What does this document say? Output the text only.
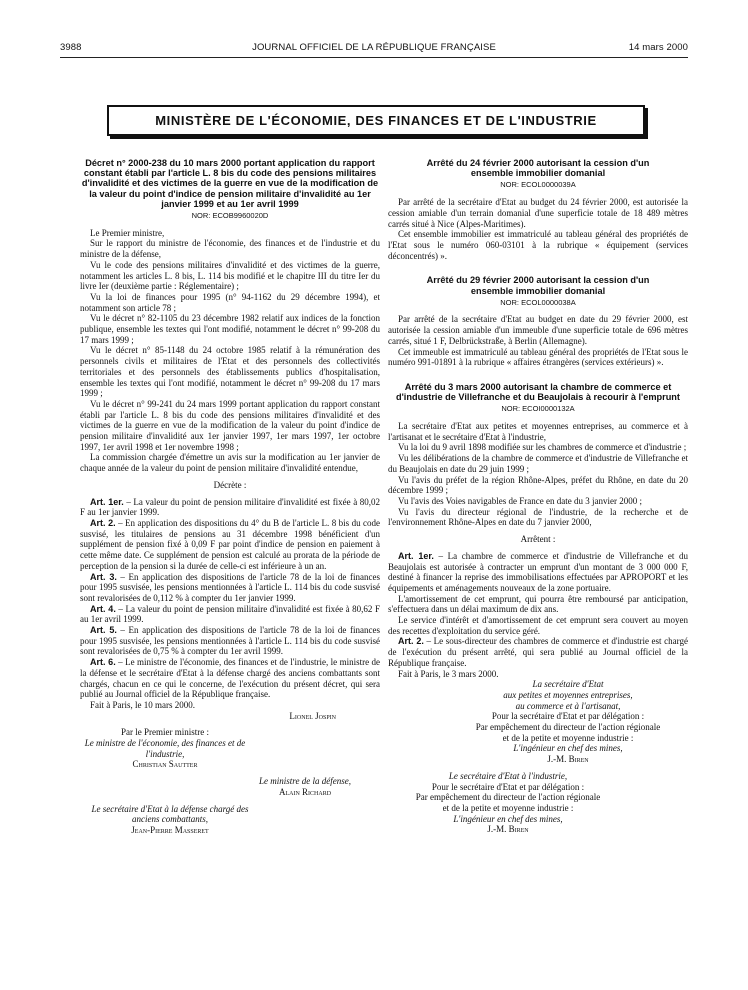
3988	JOURNAL OFFICIEL DE LA RÉPUBLIQUE FRANÇAISE	14 mars 2000
MINISTÈRE DE L'ÉCONOMIE, DES FINANCES ET DE L'INDUSTRIE
Décret n° 2000-238 du 10 mars 2000 portant application du rapport constant établi par l'article L. 8 bis du code des pensions militaires d'invalidité et des victimes de la guerre en vue de la modification de la valeur du point d'indice de pension militaire d'invalidité au 1er janvier 1999 et au 1er avril 1999
NOR: ECOB9960020D

Le Premier ministre,

Sur le rapport du ministre de l'économie, des finances et de l'industrie et du ministre de la défense,

Vu le code des pensions militaires d'invalidité et des victimes de la guerre, notamment les articles L. 8 bis, L. 114 bis modifié et le chapitre III du titre Ier du livre Ier (deuxième partie : Réglementaire) ;

Vu la loi de finances pour 1995 (n° 94-1162 du 29 décembre 1994), et notamment son article 78 ;

Vu le décret n° 82-1105 du 23 décembre 1982 relatif aux indices de la fonction publique, ensemble les textes qui l'ont modifié, notamment le décret n° 99-208 du 17 mars 1999 ;

Vu le décret n° 85-1148 du 24 octobre 1985 relatif à la rémunération des personnels civils et militaires de l'Etat et des personnels des collectivités territoriales et des personnels des établissements publics d'hospitalisation, ensemble les textes qui l'ont modifié, notamment le décret n° 99-208 du 17 mars 1999 ;

Vu le décret n° 99-241 du 24 mars 1999 portant application du rapport constant établi par l'article L. 8 bis du code des pensions militaires d'invalidité et des victimes de la guerre en vue de la modification de la valeur du point d'indice de pension militaire d'invalidité aux 1er janvier 1997, 1er mars 1997, 1er octobre 1997, 1er avril 1998 et 1er novembre 1998 ;

La commission chargée d'émettre un avis sur la modification au 1er janvier de chaque année de la valeur du point de pension militaire d'invalidité entendue,

Décrète :

Art. 1er. – La valeur du point de pension militaire d'invalidité est fixée à 80,02 F au 1er janvier 1999.

Art. 2. – En application des dispositions du 4° du B de l'article L. 8 bis du code susvisé, les titulaires de pensions au 31 décembre 1998 bénéficient d'un supplément de pension fixé à 0,09 F par point d'indice de pension en paiement à cette même date. Ce supplément de pension est calculé au prorata de la période de perception de la pension si la durée de celle-ci est inférieure à un an.

Art. 3. – En application des dispositions de l'article 78 de la loi de finances pour 1995 susvisée, les pensions mentionnées à l'article L. 114 bis du code susvisé sont revalorisées de 0,112 % à compter du 1er janvier 1999.

Art. 4. – La valeur du point de pension militaire d'invalidité est fixée à 80,62 F au 1er avril 1999.

Art. 5. – En application des dispositions de l'article 78 de la loi de finances pour 1995 susvisée, les pensions mentionnées à l'article L. 114 bis du code susvisé sont revalorisées de 0,75 % à compter du 1er avril 1999.

Art. 6. – Le ministre de l'économie, des finances et de l'industrie, le ministre de la défense et le secrétaire d'Etat à la défense chargé des anciens combattants sont chargés, chacun en ce qui le concerne, de l'exécution du présent décret, qui sera publié au Journal officiel de la République française.

Fait à Paris, le 10 mars 2000.

Lionel Jospin

Par le Premier ministre :

Le ministre de l'économie, des finances et de l'industrie,

Christian Sautter

Le ministre de la défense,

Alain Richard

Le secrétaire d'Etat à la défense chargé des anciens combattants,

Jean-Pierre Masseret

Arrêté du 24 février 2000 autorisant la cession d'un ensemble immobilier domanial
NOR: ECOL0000039A

Par arrêté de la secrétaire d'Etat au budget du 24 février 2000, est autorisée la cession amiable d'un terrain domanial d'une superficie totale de 18 489 mètres carrés situé à Nice (Alpes-Maritimes).

Cet ensemble immobilier est immatriculé au tableau général des propriétés de l'Etat sous le numéro 060-03101 à la rubrique « équipement (services déconcentrés) ».

Arrêté du 29 février 2000 autorisant la cession d'un ensemble immobilier domanial
NOR: ECOL0000038A

Par arrêté de la secrétaire d'Etat au budget en date du 29 février 2000, est autorisée la cession amiable d'un immeuble d'une superficie totale de 696 mètres carrés, situé 1 F, Delbrückstraße, à Berlin (Allemagne).

Cet immeuble est immatriculé au tableau général des propriétés de l'Etat sous le numéro 991-01891 à la rubrique « affaires étrangères (services extérieurs) ».

Arrêté du 3 mars 2000 autorisant la chambre de commerce et d'industrie de Villefranche et du Beaujolais à recourir à l'emprunt
NOR: ECOI0000132A

La secrétaire d'Etat aux petites et moyennes entreprises, au commerce et à l'artisanat et le secrétaire d'Etat à l'industrie,

Vu la loi du 9 avril 1898 modifiée sur les chambres de commerce et d'industrie ;

Vu les délibérations de la chambre de commerce et d'industrie de Villefranche et du Beaujolais en date du 29 juin 1999 ;

Vu l'avis du préfet de la région Rhône-Alpes, préfet du Rhône, en date du 20 décembre 1999 ;

Vu l'avis des Voies navigables de France en date du 3 janvier 2000 ;

Vu l'avis du directeur régional de l'industrie, de la recherche et de l'environnement Rhône-Alpes en date du 7 janvier 2000,

Arrêtent :

Art. 1er. – La chambre de commerce et d'industrie de Villefranche et du Beaujolais est autorisée à contracter un emprunt d'un montant de 3 000 000 F, destiné à financer la reprise des immobilisations effectuées par APROPORT et les équipements et aménagements nouveaux de la zone portuaire.

L'amortissement de cet emprunt, qui pourra être remboursé par anticipation, s'effectuera dans un délai maximum de dix ans.

Le service d'intérêt et d'amortissement de cet emprunt sera couvert au moyen des recettes d'exploitation du service géré.

Art. 2. – Le sous-directeur des chambres de commerce et d'industrie est chargé de l'exécution du présent arrêté, qui sera publié au Journal officiel de la République française.

Fait à Paris, le 3 mars 2000.

La secrétaire d'Etat

aux petites et moyennes entreprises,

au commerce et à l'artisanat,

Pour la secrétaire d'Etat et par délégation :

Par empêchement du directeur de l'action régionale

et de la petite et moyenne industrie :

L'ingénieur en chef des mines,

J.-M. Biren

Le secrétaire d'Etat à l'industrie,

Pour le secrétaire d'Etat et par délégation :

Par empêchement du directeur de l'action régionale

et de la petite et moyenne industrie :

L'ingénieur en chef des mines,

J.-M. Biren
